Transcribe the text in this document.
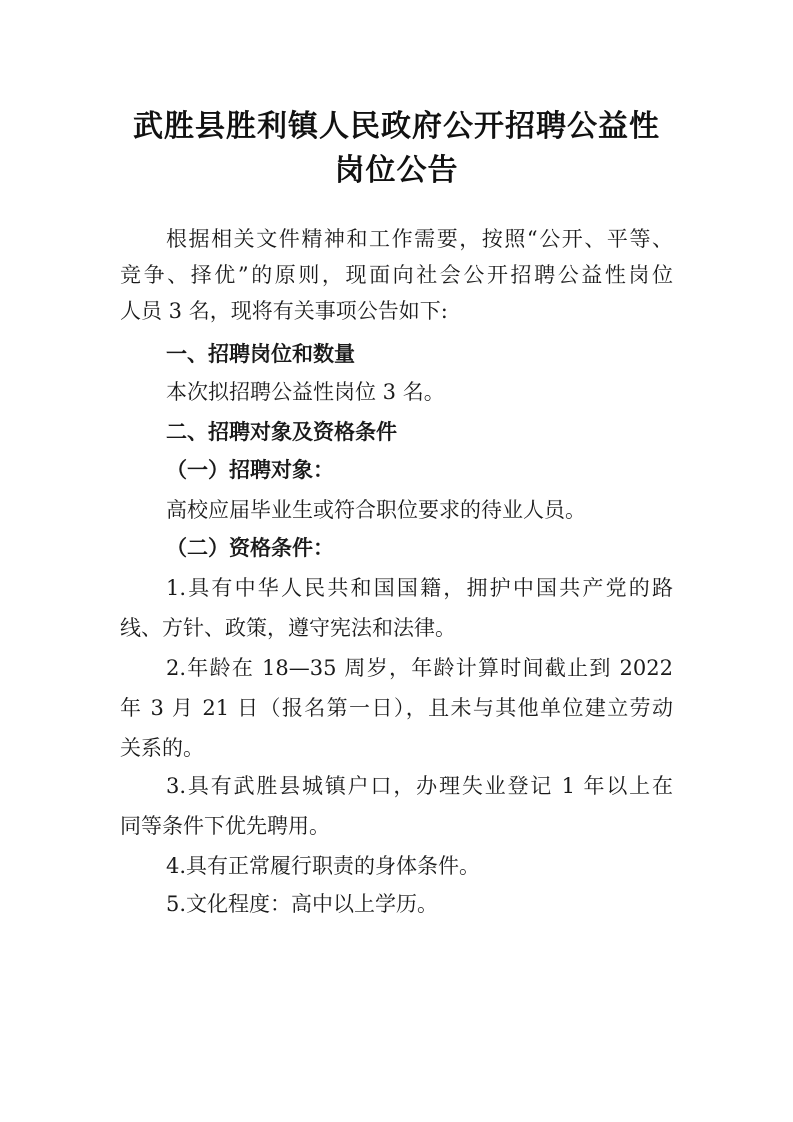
武胜县胜利镇人民政府公开招聘公益性
岗位公告
根据相关文件精神和工作需要，按照“公开、平等、
竞争、择优”的原则，现面向社会公开招聘公益性岗位
人员 3 名，现将有关事项公告如下:
一、招聘岗位和数量
本次拟招聘公益性岗位 3 名。
二、招聘对象及资格条件
（一）招聘对象：
高校应届毕业生或符合职位要求的待业人员。
（二）资格条件：
1.具有中华人民共和国国籍，拥护中国共产党的路
线、方针、政策，遵守宪法和法律。
2.年龄在 18—35 周岁，年龄计算时间截止到 2022
年 3 月 21 日（报名第一日），且未与其他单位建立劳动
关系的。
3.具有武胜县城镇户口，办理失业登记 1 年以上在
同等条件下优先聘用。
4.具有正常履行职责的身体条件。
5.文化程度：高中以上学历。
